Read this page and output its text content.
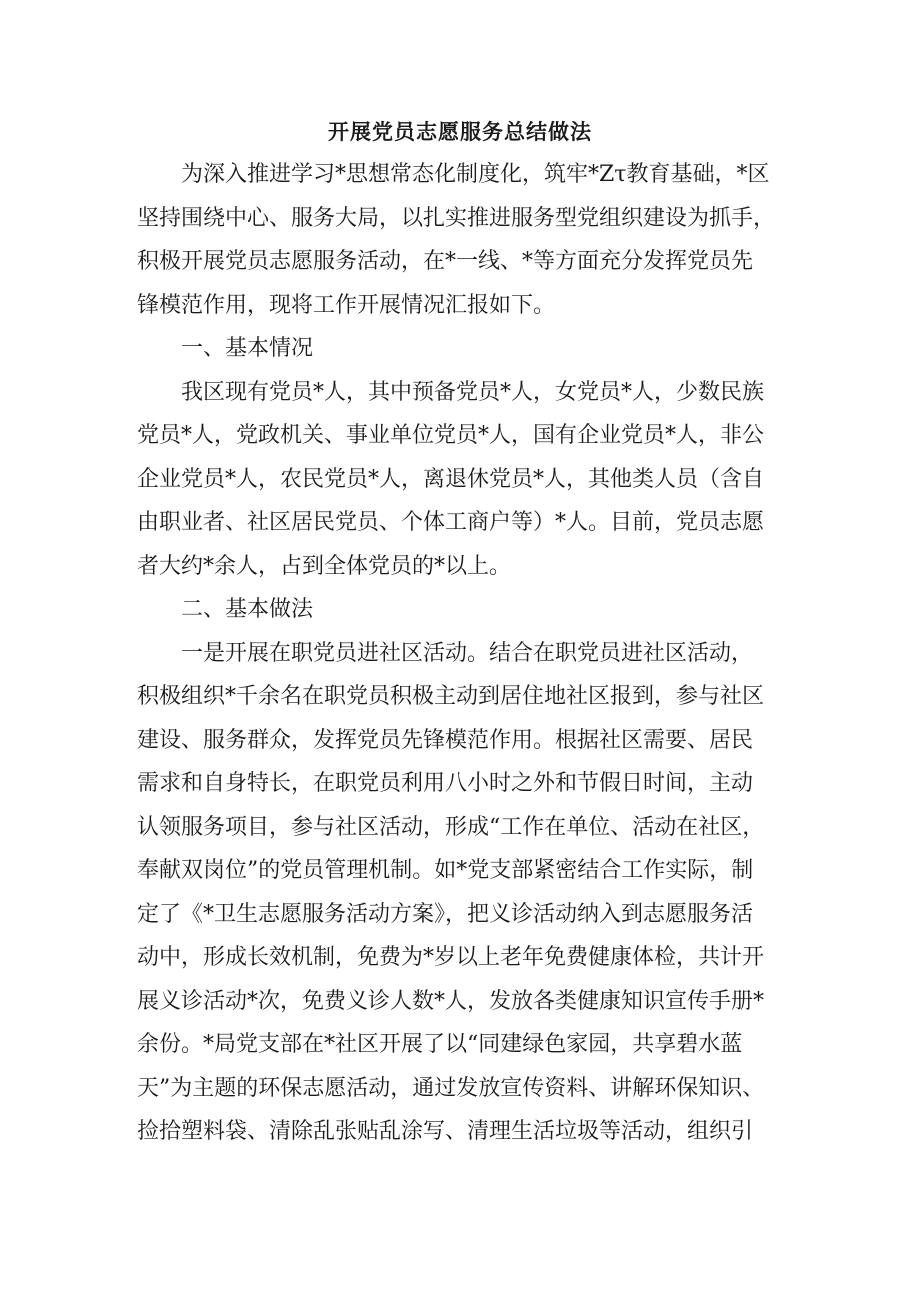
开展党员志愿服务总结做法
为深入推进学习*思想常态化制度化，筑牢*Zτ教育基础，*区
坚持围绕中心、服务大局，以扎实推进服务型党组织建设为抓手，
积极开展党员志愿服务活动，在*一线、*等方面充分发挥党员先
锋模范作用，现将工作开展情况汇报如下。
一、基本情况
我区现有党员*人，其中预备党员*人，女党员*人，少数民族
党员*人，党政机关、事业单位党员*人，国有企业党员*人，非公
企业党员*人，农民党员*人，离退休党员*人，其他类人员（含自
由职业者、社区居民党员、个体工商户等）*人。目前，党员志愿
者大约*余人，占到全体党员的*以上。
二、基本做法
一是开展在职党员进社区活动。结合在职党员进社区活动，
积极组织*千余名在职党员积极主动到居住地社区报到，参与社区
建设、服务群众，发挥党员先锋模范作用。根据社区需要、居民
需求和自身特长，在职党员利用八小时之外和节假日时间，主动
认领服务项目，参与社区活动，形成“工作在单位、活动在社区，
奉献双岗位”的党员管理机制。如*党支部紧密结合工作实际，制
定了《*卫生志愿服务活动方案》，把义诊活动纳入到志愿服务活
动中，形成长效机制，免费为*岁以上老年免费健康体检，共计开
展义诊活动*次，免费义诊人数*人，发放各类健康知识宣传手册*
余份。*局党支部在*社区开展了以“同建绿色家园，共享碧水蓝
天”为主题的环保志愿活动，通过发放宣传资料、讲解环保知识、
捡拾塑料袋、清除乱张贴乱涂写、清理生活垃圾等活动，组织引
